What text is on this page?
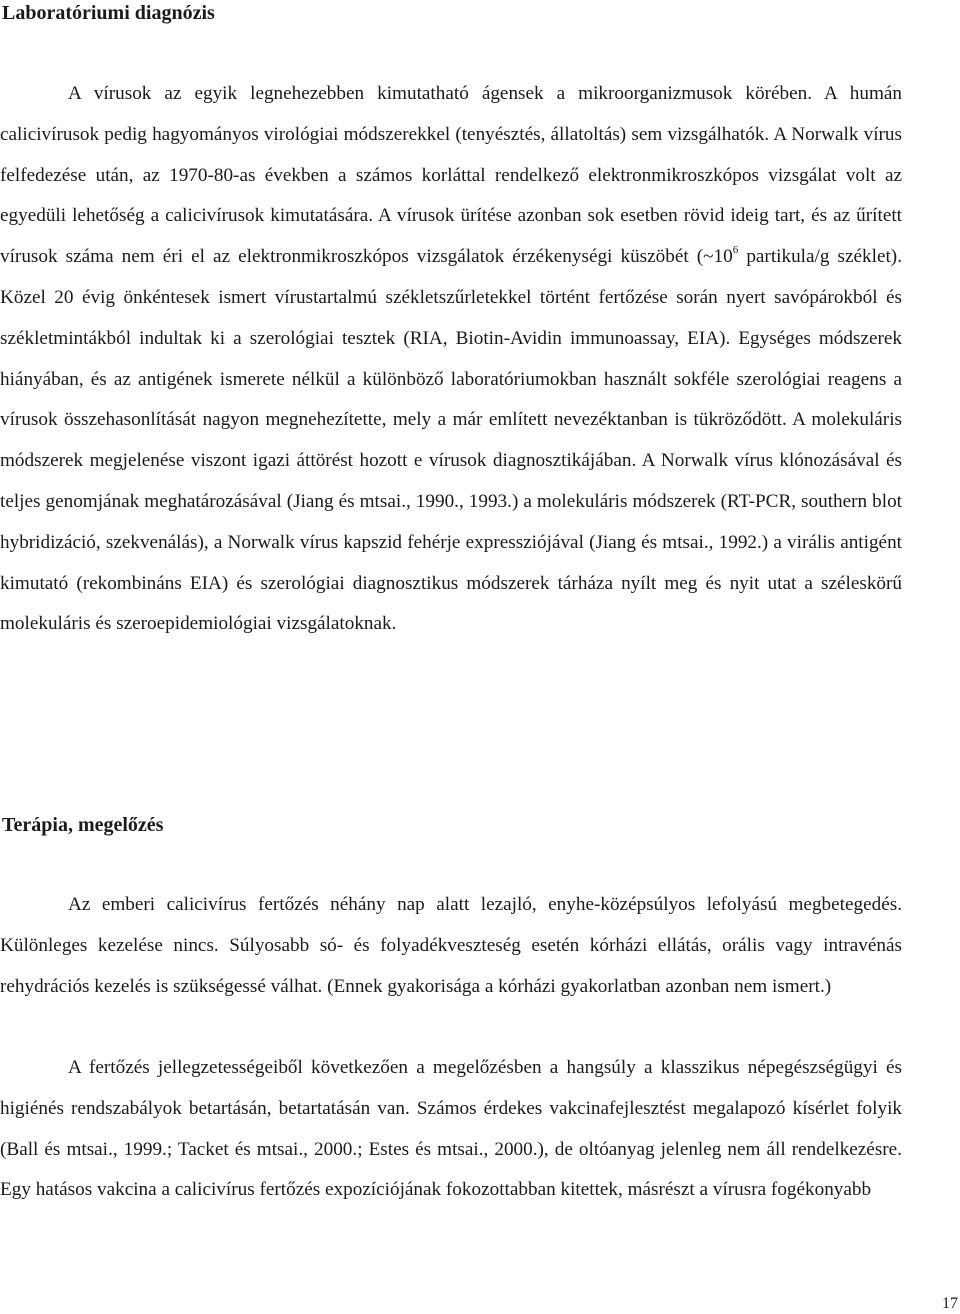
Laboratóriumi diagnózis

A vírusok az egyik legnehezebben kimutatható ágensek a mikroorganizmusok körében. A humán calicivírusok pedig hagyományos virológiai módszerekkel (tenyésztés, állatoltás) sem vizsgálhatók. A Norwalk vírus felfedezése után, az 1970-80-as években a számos korláttal rendelkező elektronmikroszkópos vizsgálat volt az egyedüli lehetőség a calicivírusok kimutatására. A vírusok ürítése azonban sok esetben rövid ideig tart, és az űrített vírusok száma nem éri el az elektronmikroszkópos vizsgálatok érzékenységi küszöbét ($\sim 10^6$ partikula/g széklet). Közel 20 évig önkéntesek ismert vírustartalmú székletszűrletekkel történt fertőzése során nyert savópárokból és székletmintákból indultak ki a szerológiai tesztek (RIA, Biotin-Avidin immunoassay, EIA). Egységes módszerek hiányában, és az antigének ismerete nélkül a különböző laboratóriumokban használt sokféle szerológiai reagens a vírusok összehasonlítását nagyon megnehezítette, mely a már említett nevezéktanban is tükröződött. A molekuláris módszerek megjelenése viszont igazi áttörést hozott e vírusok diagnosztikájában. A Norwalk vírus klónozásával és teljes genomjának meghatározásával (Jiang és mtsai., 1990., 1993.) a molekuláris módszerek (RT-PCR, southern blot hybridizáció, szekvenálás), a Norwalk vírus kapszid fehérje expressziójával (Jiang és mtsai., 1992.) a virális antigént kimutató (rekombináns EIA) és szerológiai diagnosztikus módszerek tárháza nyílt meg és nyit utat a széleskörű molekuláris és szeroepidemiológiai vizsgálatoknak.

Terápia, megelőzés

Az emberi calicivírus fertőzés néhány nap alatt lezajló, enyhe-középsúlyos lefolyású megbetegedés. Különleges kezelése nincs. Súlyosabb só- és folyadékveszteség esetén kórházi ellátás, orális vagy intravénás rehydrációs kezelés is szükségessé válhat. (Ennek gyakorisága a kórházi gyakorlatban azonban nem ismert.)

A fertőzés jellegzetességeiből következően a megelőzésben a hangsúly a klasszikus népegészségügyi és higiénés rendszabályok betartásán, betartatásán van. Számos érdekes vakcinafejlesztést megalapozó kísérlet folyik (Ball és mtsai., 1999.; Tacket és mtsai., 2000.; Estes és mtsai., 2000.), de oltóanyag jelenleg nem áll rendelkezésre. Egy hatásos vakcina a calicivírus fertőzés expozíciójának fokozottabban kitettek, másrészt a vírusra fogékonyabb

17
